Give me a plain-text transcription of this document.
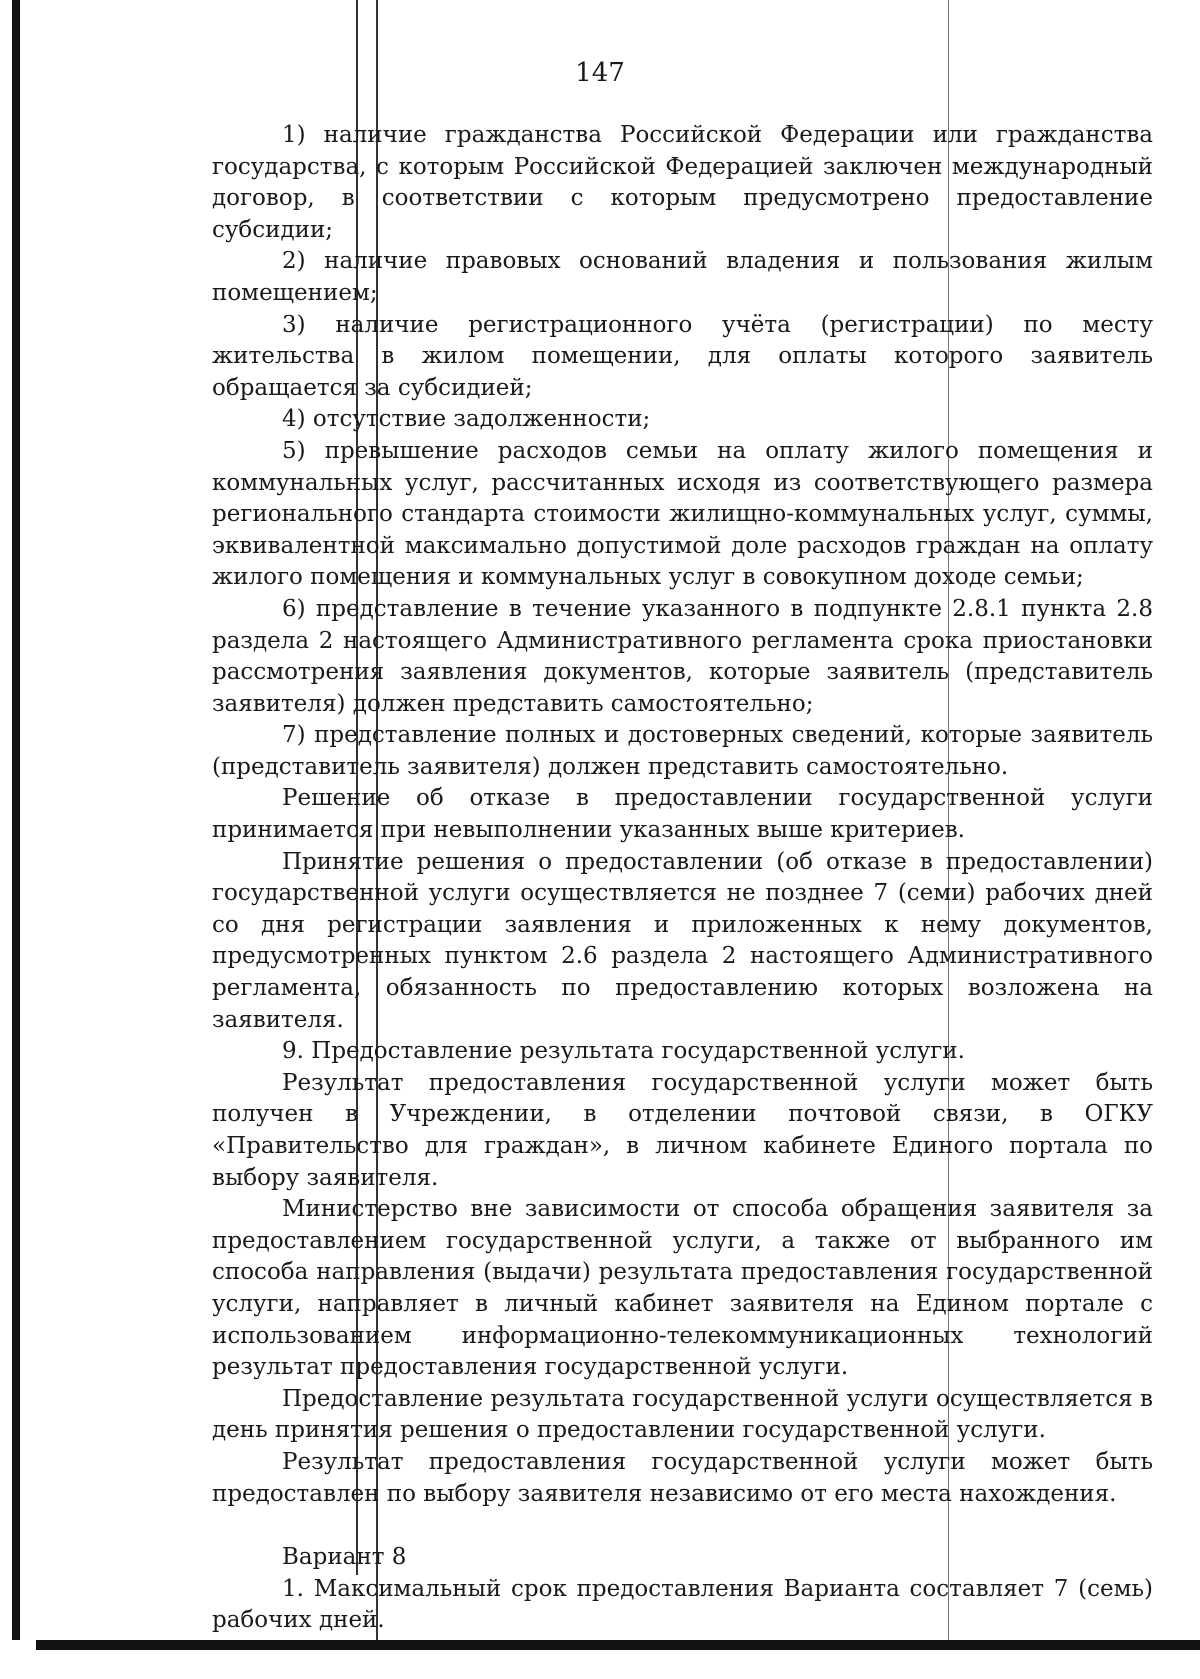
147

1) наличие гражданства Российской Федерации или гражданства государства, с которым Российской Федерацией заключен международный договор, в соответствии с которым предусмотрено предоставление субсидии;

2) наличие правовых оснований владения и пользования жилым помещением;

3) наличие регистрационного учёта (регистрации) по месту жительства в жилом помещении, для оплаты которого заявитель обращается за субсидией;

4) отсутствие задолженности;

5) превышение расходов семьи на оплату жилого помещения и коммунальных услуг, рассчитанных исходя из соответствующего размера регионального стандарта стоимости жилищно-коммунальных услуг, суммы, эквивалентной максимально допустимой доле расходов граждан на оплату жилого помещения и коммунальных услуг в совокупном доходе семьи;

6) представление в течение указанного в подпункте 2.8.1 пункта 2.8 раздела 2 настоящего Административного регламента срока приостановки рассмотрения заявления документов, которые заявитель (представитель заявителя) должен представить самостоятельно;

7) представление полных и достоверных сведений, которые заявитель (представитель заявителя) должен представить самостоятельно.

Решение об отказе в предоставлении государственной услуги принимается при невыполнении указанных выше критериев.

Принятие решения о предоставлении (об отказе в предоставлении) государственной услуги осуществляется не позднее 7 (семи) рабочих дней со дня регистрации заявления и приложенных к нему документов, предусмотренных пунктом 2.6 раздела 2 настоящего Административного регламента, обязанность по предоставлению которых возложена на заявителя.

9. Предоставление результата государственной услуги.

Результат предоставления государственной услуги может быть получен в Учреждении, в отделении почтовой связи, в ОГКУ «Правительство для граждан», в личном кабинете Единого портала по выбору заявителя.

Министерство вне зависимости от способа обращения заявителя за предоставлением государственной услуги, а также от выбранного им способа направления (выдачи) результата предоставления государственной услуги, направляет в личный кабинет заявителя на Едином портале с использованием информационно-телекоммуникационных технологий результат предоставления государственной услуги.

Предоставление результата государственной услуги осуществляется в день принятия решения о предоставлении государственной услуги.

Результат предоставления государственной услуги может быть предоставлен по выбору заявителя независимо от его места нахождения.

Вариант 8

1. Максимальный срок предоставления Варианта составляет 7 (семь) рабочих дней.
